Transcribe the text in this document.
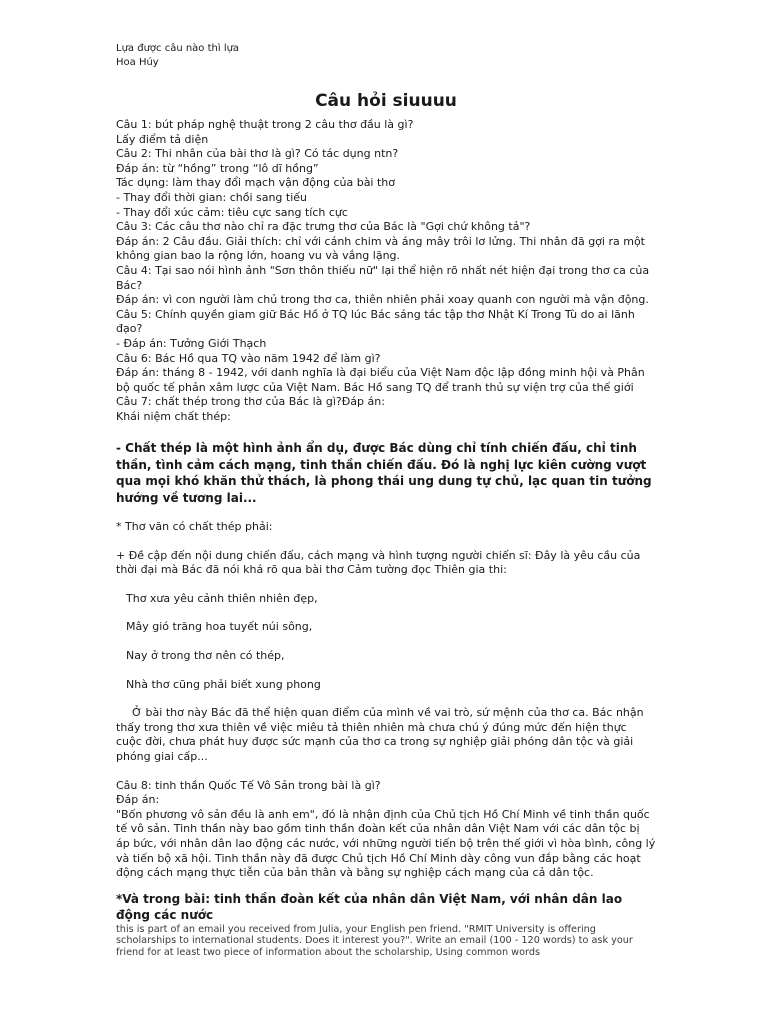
Lựa được câu nào thì lựa
Hoa Húy
Câu hỏi siuuuu

Câu 1: bút pháp nghệ thuật trong 2 câu thơ đầu là gì?

Lấy điểm tả diện

Câu 2: Thi nhân của bài thơ là gì? Có tác dụng ntn?

Đáp án: từ “hồng” trong “lô dĩ hồng”

Tác dụng: làm thay đổi mạch vận động của bài thơ

- Thay đổi thời gian: chồi sang tiếu

- Thay đổi xúc cảm: tiêu cực sang tích cực

Câu 3: Các câu thơ nào chỉ ra đặc trưng thơ của Bác là "Gợi chứ không tả"?

Đáp án: 2 Câu đầu. Giải thích: chỉ với cánh chim và áng mây trôi lơ lửng. Thi nhân đã gợi ra một không gian bao la rộng lớn, hoang vu và vắng lặng.

Câu 4: Tại sao nói hình ảnh "Sơn thôn thiếu nữ" lại thể hiện rõ nhất nét hiện đại trong thơ ca của Bác?

Đáp án: vì con người làm chủ trong thơ ca, thiên nhiên phải xoay quanh con người mà vận động.

Câu 5: Chính quyền giam giữ Bác Hồ ở TQ lúc Bác sáng tác tập thơ Nhật Kí Trong Tù do ai lãnh đạo?

- Đáp án: Tưởng Giới Thạch

Câu 6: Bác Hồ qua TQ vào năm 1942 để làm gì?

Đáp án: tháng 8 - 1942, với danh nghĩa là đại biểu của Việt Nam độc lập đồng minh hội và Phân bộ quốc tế phản xâm lược của Việt Nam. Bác Hồ sang TQ để tranh thủ sự viện trợ của thế giới

Câu 7: chất thép trong thơ của Bác là gì?Đáp án:

Khái niệm chất thép:

- Chất thép là một hình ảnh ẩn dụ, được Bác dùng chỉ tính chiến đấu, chỉ tinh thần, tình cảm cách mạng, tinh thần chiến đấu. Đó là nghị lực kiên cường vượt qua mọi khó khăn thử thách, là phong thái ung dung tự chủ, lạc quan tin tưởng hướng về tương lai...

* Thơ văn có chất thép phải:

+ Đề cập đến nội dung chiến đấu, cách mạng và hình tượng người chiến sĩ: Đây là yêu cầu của thời đại mà Bác đã nói khá rõ qua bài thơ Cảm tường đọc Thiên gia thi:

Thơ xưa yêu cảnh thiên nhiên đẹp,

Mây gió trăng hoa tuyết núi sông,

Nay ở trong thơ nên có thép,

Nhà thơ cũng phải biết xung phong

Ở bài thơ này Bác đã thể hiện quan điểm của mình về vai trò, sứ mệnh của thơ ca. Bác nhận thấy trong thơ xưa thiên về việc miêu tả thiên nhiên mà chưa chú ý đúng mức đến hiện thực cuộc đời, chưa phát huy được sức mạnh của thơ ca trong sự nghiệp giải phóng dân tộc và giải phóng giai cấp...

Câu 8: tinh thần Quốc Tế Vô Sản trong bài là gì?

Đáp án:

"Bốn phương vô sản đều là anh em", đó là nhận định của Chủ tịch Hồ Chí Minh về tinh thần quốc tế vô sản. Tinh thần này bao gồm tinh thần đoàn kết của nhân dân Việt Nam với các dân tộc bị áp bức, với nhân dân lao động các nước, với những người tiến bộ trên thế giới vì hòa bình, công lý và tiến bộ xã hội. Tinh thần này đã được Chủ tịch Hồ Chí Minh dày công vun đắp bằng các hoạt động cách mạng thực tiễn của bản thân và bằng sự nghiệp cách mạng của cả dân tộc.

*Và trong bài: tinh thần đoàn kết của nhân dân Việt Nam, với nhân dân lao động các nước

this is part of an email you received from Julia, your English pen friend. "RMIT University is offering scholarships to international students. Does it interest you?". Write an email (100 - 120 words) to ask your friend for at least two piece of information about the scholarship, Using common words
